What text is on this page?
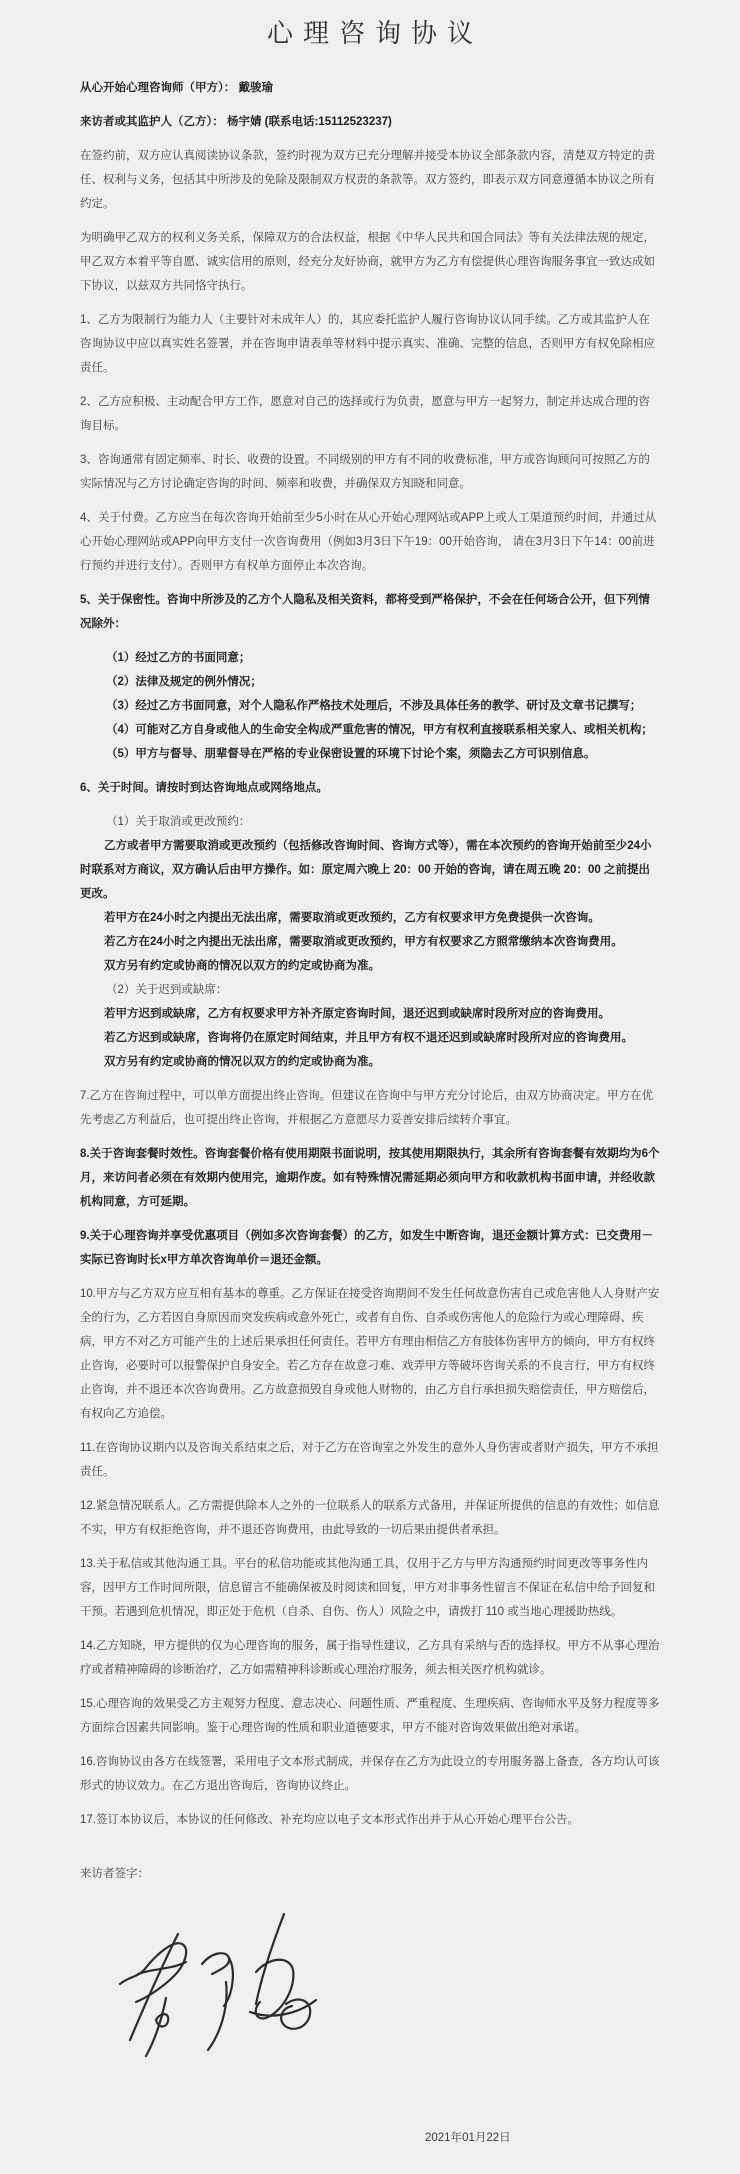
心理咨询协议

从心开始心理咨询师（甲方）： 戴骏瑜

来访者或其监护人（乙方）： 杨宇婧 (联系电话:15112523237)

在签约前，双方应认真阅读协议条款，签约时视为双方已充分理解并接受本协议全部条款内容，清楚双方特定的责任、权利与义务，包括其中所涉及的免除及限制双方权责的条款等。双方签约，即表示双方同意遵循本协议之所有约定。

为明确甲乙双方的权利义务关系，保障双方的合法权益，根据《中华人民共和国合同法》等有关法律法规的规定，甲乙双方本着平等自愿、诚实信用的原则，经充分友好协商，就甲方为乙方有偿提供心理咨询服务事宜一致达成如下协议，以兹双方共同恪守执行。

1、乙方为限制行为能力人（主要针对未成年人）的，其应委托监护人履行咨询协议认同手续。乙方或其监护人在咨询协议中应以真实姓名签署，并在咨询申请表单等材料中提示真实、准确、完整的信息，否则甲方有权免除相应责任。

2、乙方应积极、主动配合甲方工作，愿意对自己的选择或行为负责，愿意与甲方一起努力，制定并达成合理的咨询目标。

3、咨询通常有固定频率、时长、收费的设置。不同级别的甲方有不同的收费标准，甲方或咨询顾问可按照乙方的实际情况与乙方讨论确定咨询的时间、频率和收费，并确保双方知晓和同意。

4、关于付费。乙方应当在每次咨询开始前至少5小时在从心开始心理网站或APP上或人工渠道预约时间，并通过从心开始心理网站或APP向甲方支付一次咨询费用（例如3月3日下午19：00开始咨询， 请在3月3日下午14：00前进行预约并进行支付）。否则甲方有权单方面停止本次咨询。

5、关于保密性。咨询中所涉及的乙方个人隐私及相关资料，都将受到严格保护，不会在任何场合公开，但下列情况除外：

（1）经过乙方的书面同意；

（2）法律及规定的例外情况；

（3）经过乙方书面同意，对个人隐私作严格技术处理后，不涉及具体任务的教学、研讨及文章书记撰写；

（4）可能对乙方自身或他人的生命安全构成严重危害的情况，甲方有权利直接联系相关家人、或相关机构；

（5）甲方与督导、朋辈督导在严格的专业保密设置的环境下讨论个案，须隐去乙方可识别信息。

6、关于时间。请按时到达咨询地点或网络地点。

（1）关于取消或更改预约：

乙方或者甲方需要取消或更改预约（包括修改咨询时间、咨询方式等），需在本次预约的咨询开始前至少24小时联系对方商议，双方确认后由甲方操作。如：原定周六晚上 20：00 开始的咨询，请在周五晚 20：00 之前提出更改。

若甲方在24小时之内提出无法出席，需要取消或更改预约，乙方有权要求甲方免费提供一次咨询。

若乙方在24小时之内提出无法出席，需要取消或更改预约，甲方有权要求乙方照常缴纳本次咨询费用。

双方另有约定或协商的情况以双方的约定或协商为准。

（2）关于迟到或缺席：

若甲方迟到或缺席，乙方有权要求甲方补齐原定咨询时间，退还迟到或缺席时段所对应的咨询费用。

若乙方迟到或缺席，咨询将仍在原定时间结束，并且甲方有权不退还迟到或缺席时段所对应的咨询费用。

双方另有约定或协商的情况以双方的约定或协商为准。

7.乙方在咨询过程中，可以单方面提出终止咨询。但建议在咨询中与甲方充分讨论后，由双方协商决定。甲方在优先考虑乙方利益后，也可提出终止咨询，并根据乙方意愿尽力妥善安排后续转介事宜。

8.关于咨询套餐时效性。咨询套餐价格有使用期限书面说明，按其使用期限执行，其余所有咨询套餐有效期均为6个月，来访问者必须在有效期内使用完，逾期作废。如有特殊情况需延期必须向甲方和收款机构书面申请，并经收款机构同意，方可延期。

9.关于心理咨询并享受优惠项目（例如多次咨询套餐）的乙方，如发生中断咨询，退还金额计算方式：已交费用－实际已咨询时长x甲方单次咨询单价＝退还金额。

10.甲方与乙方双方应互相有基本的尊重。乙方保证在接受咨询期间不发生任何故意伤害自己或危害他人人身财产安全的行为，乙方若因自身原因而突发疾病或意外死亡，或者有自伤、自杀或伤害他人的危险行为或心理障碍、疾病，甲方不对乙方可能产生的上述后果承担任何责任。若甲方有理由相信乙方有肢体伤害甲方的倾向，甲方有权终止咨询，必要时可以报警保护自身安全。若乙方存在故意刁难、戏弄甲方等破坏咨询关系的不良言行，甲方有权终止咨询，并不退还本次咨询费用。乙方故意损毁自身或他人财物的，由乙方自行承担损失赔偿责任，甲方赔偿后，有权向乙方追偿。

11.在咨询协议期内以及咨询关系结束之后，对于乙方在咨询室之外发生的意外人身伤害或者财产损失，甲方不承担责任。

12.紧急情况联系人。乙方需提供除本人之外的一位联系人的联系方式备用，并保证所提供的信息的有效性；如信息不实，甲方有权拒绝咨询，并不退还咨询费用，由此导致的一切后果由提供者承担。

13.关于私信或其他沟通工具。平台的私信功能或其他沟通工具，仅用于乙方与甲方沟通预约时间更改等事务性内容，因甲方工作时间所限，信息留言不能确保被及时阅读和回复，甲方对非事务性留言不保证在私信中给予回复和干预。若遇到危机情况，即正处于危机（自杀、自伤、伤人）风险之中，请拨打 110 或当地心理援助热线。

14.乙方知晓，甲方提供的仅为心理咨询的服务，属于指导性建议，乙方具有采纳与否的选择权。甲方不从事心理治疗或者精神障碍的诊断治疗，乙方如需精神科诊断或心理治疗服务，须去相关医疗机构就诊。

15.心理咨询的效果受乙方主观努力程度、意志决心、问题性质、严重程度、生理疾病、咨询师水平及努力程度等多方面综合因素共同影响。鉴于心理咨询的性质和职业道德要求，甲方不能对咨询效果做出绝对承诺。

16.咨询协议由各方在线签署，采用电子文本形式制成，并保存在乙方为此设立的专用服务器上备查，各方均认可该形式的协议效力。在乙方退出咨询后，咨询协议终止。

17.签订本协议后，本协议的任何修改、补充均应以电子文本形式作出并于从心开始心理平台公告。

来访者签字：
2021年01月22日
